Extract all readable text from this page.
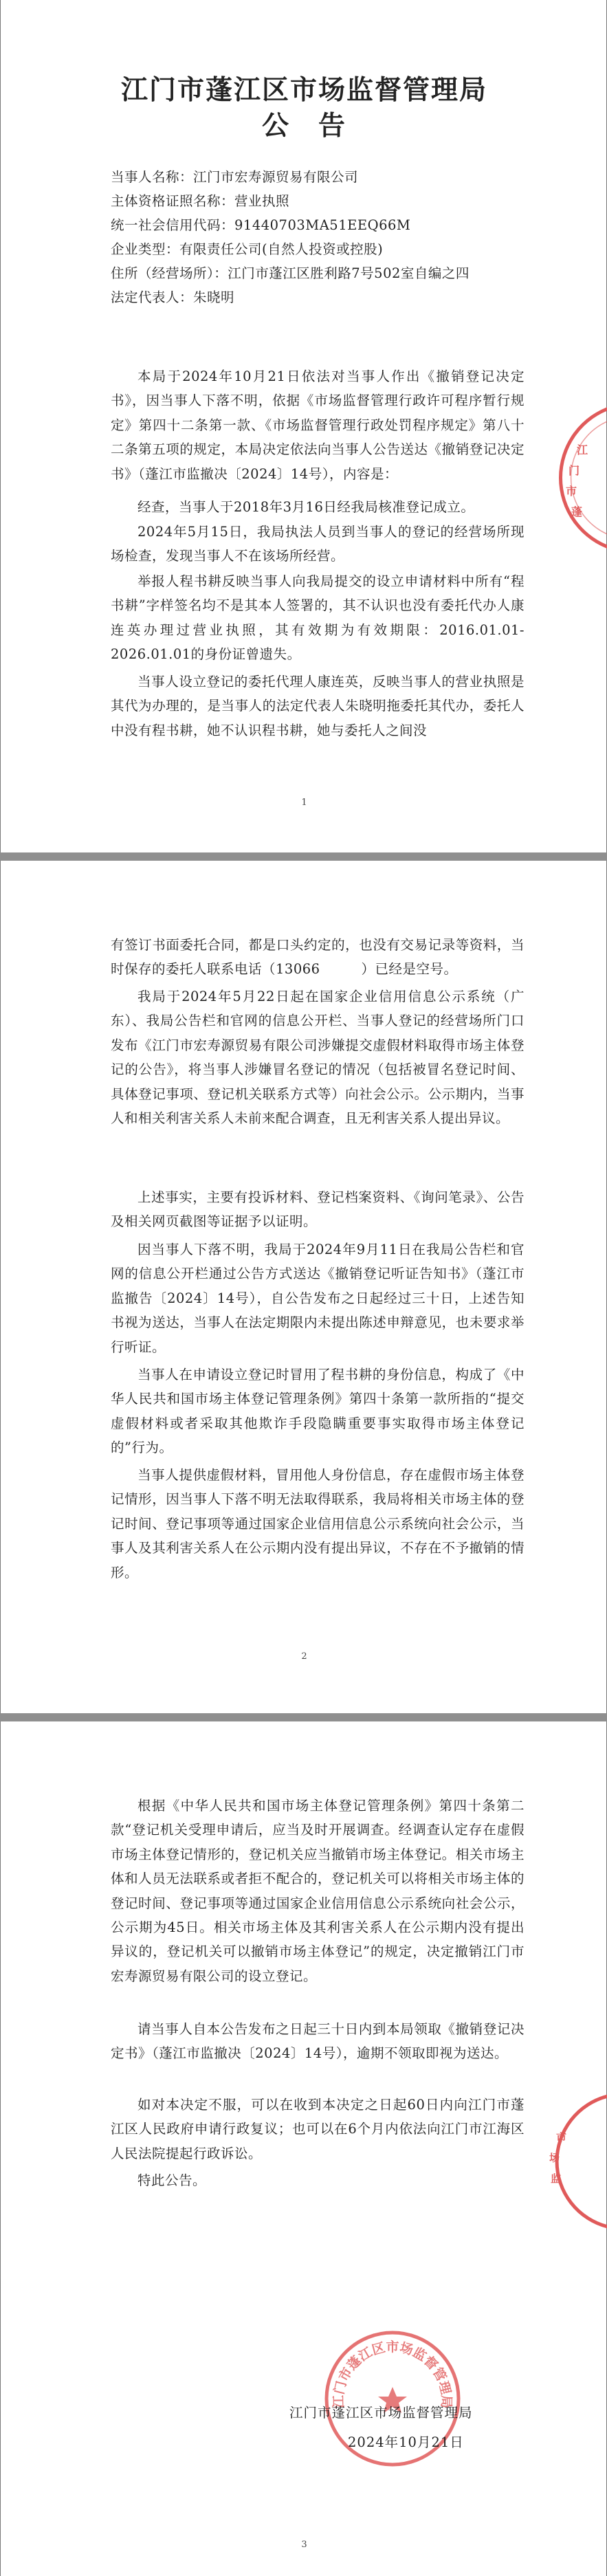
江门市蓬江区市场监督管理局
公　告
当事人名称：江门市宏寿源贸易有限公司
主体资格证照名称：营业执照
统一社会信用代码：91440703MA51EEQ66M
企业类型：有限责任公司(自然人投资或控股)
住所（经营场所）：江门市蓬江区胜利路7号502室自编之四
法定代表人：朱晓明

本局于2024年10月21日依法对当事人作出《撤销登记决定书》，因当事人下落不明，依据《市场监督管理行政许可程序暂行规定》第四十二条第一款、《市场监督管理行政处罚程序规定》第八十二条第五项的规定，本局决定依法向当事人公告送达《撤销登记决定书》（蓬江市监撤决〔2024〕14号），内容是：

经查，当事人于2018年3月16日经我局核准登记成立。

2024年5月15日，我局执法人员到当事人的登记的经营场所现场检查，发现当事人不在该场所经营。

举报人程书耕反映当事人向我局提交的设立申请材料中所有“程书耕”字样签名均不是其本人签署的，其不认识也没有委托代办人康连英办理过营业执照，其有效期为有效期限：2016.01.01-2026.01.01的身份证曾遗失。

当事人设立登记的委托代理人康连英，反映当事人的营业执照是其代为办理的，是当事人的法定代表人朱晓明拖委托其代办，委托人中没有程书耕，她不认识程书耕，她与委托人之间没

江
门
市
蓬
1

有签订书面委托合同，都是口头约定的，也没有交易记录等资料，当时保存的委托人联系电话（13066　　　）已经是空号。

我局于2024年5月22日起在国家企业信用信息公示系统（广东）、我局公告栏和官网的信息公开栏、当事人登记的经营场所门口发布《江门市宏寿源贸易有限公司涉嫌提交虚假材料取得市场主体登记的公告》，将当事人涉嫌冒名登记的情况（包括被冒名登记时间、具体登记事项、登记机关联系方式等）向社会公示。公示期内，当事人和相关利害关系人未前来配合调查，且无利害关系人提出异议。

上述事实，主要有投诉材料、登记档案资料、《询问笔录》、公告及相关网页截图等证据予以证明。

因当事人下落不明，我局于2024年9月11日在我局公告栏和官网的信息公开栏通过公告方式送达《撤销登记听证告知书》（蓬江市监撤告〔2024〕14号），自公告发布之日起经过三十日，上述告知书视为送达，当事人在法定期限内未提出陈述申辩意见，也未要求举行听证。

当事人在申请设立登记时冒用了程书耕的身份信息，构成了《中华人民共和国市场主体登记管理条例》第四十条第一款所指的“提交虚假材料或者采取其他欺诈手段隐瞒重要事实取得市场主体登记的”行为。

当事人提供虚假材料，冒用他人身份信息，存在虚假市场主体登记情形，因当事人下落不明无法取得联系，我局将相关市场主体的登记时间、登记事项等通过国家企业信用信息公示系统向社会公示，当事人及其利害关系人在公示期内没有提出异议，不存在不予撤销的情形。

2

根据《中华人民共和国市场主体登记管理条例》第四十条第二款“登记机关受理申请后，应当及时开展调查。经调查认定存在虚假市场主体登记情形的，登记机关应当撤销市场主体登记。相关市场主体和人员无法联系或者拒不配合的，登记机关可以将相关市场主体的登记时间、登记事项等通过国家企业信用信息公示系统向社会公示，公示期为45日。相关市场主体及其利害关系人在公示期内没有提出异议的，登记机关可以撤销市场主体登记”的规定，决定撤销江门市宏寿源贸易有限公司的设立登记。

请当事人自本公告发布之日起三十日内到本局领取《撤销登记决定书》（蓬江市监撤决〔2024〕14号），逾期不领取即视为送达。

如对本决定不服，可以在收到本决定之日起60日内向江门市蓬江区人民政府申请行政复议；也可以在6个月内依法向江门市江海区人民法院提起行政诉讼。

特此公告。

市
场
监
江门市蓬江区市场监督管理局
江门市蓬江区市场监督管理局
2024年10月21日
3
